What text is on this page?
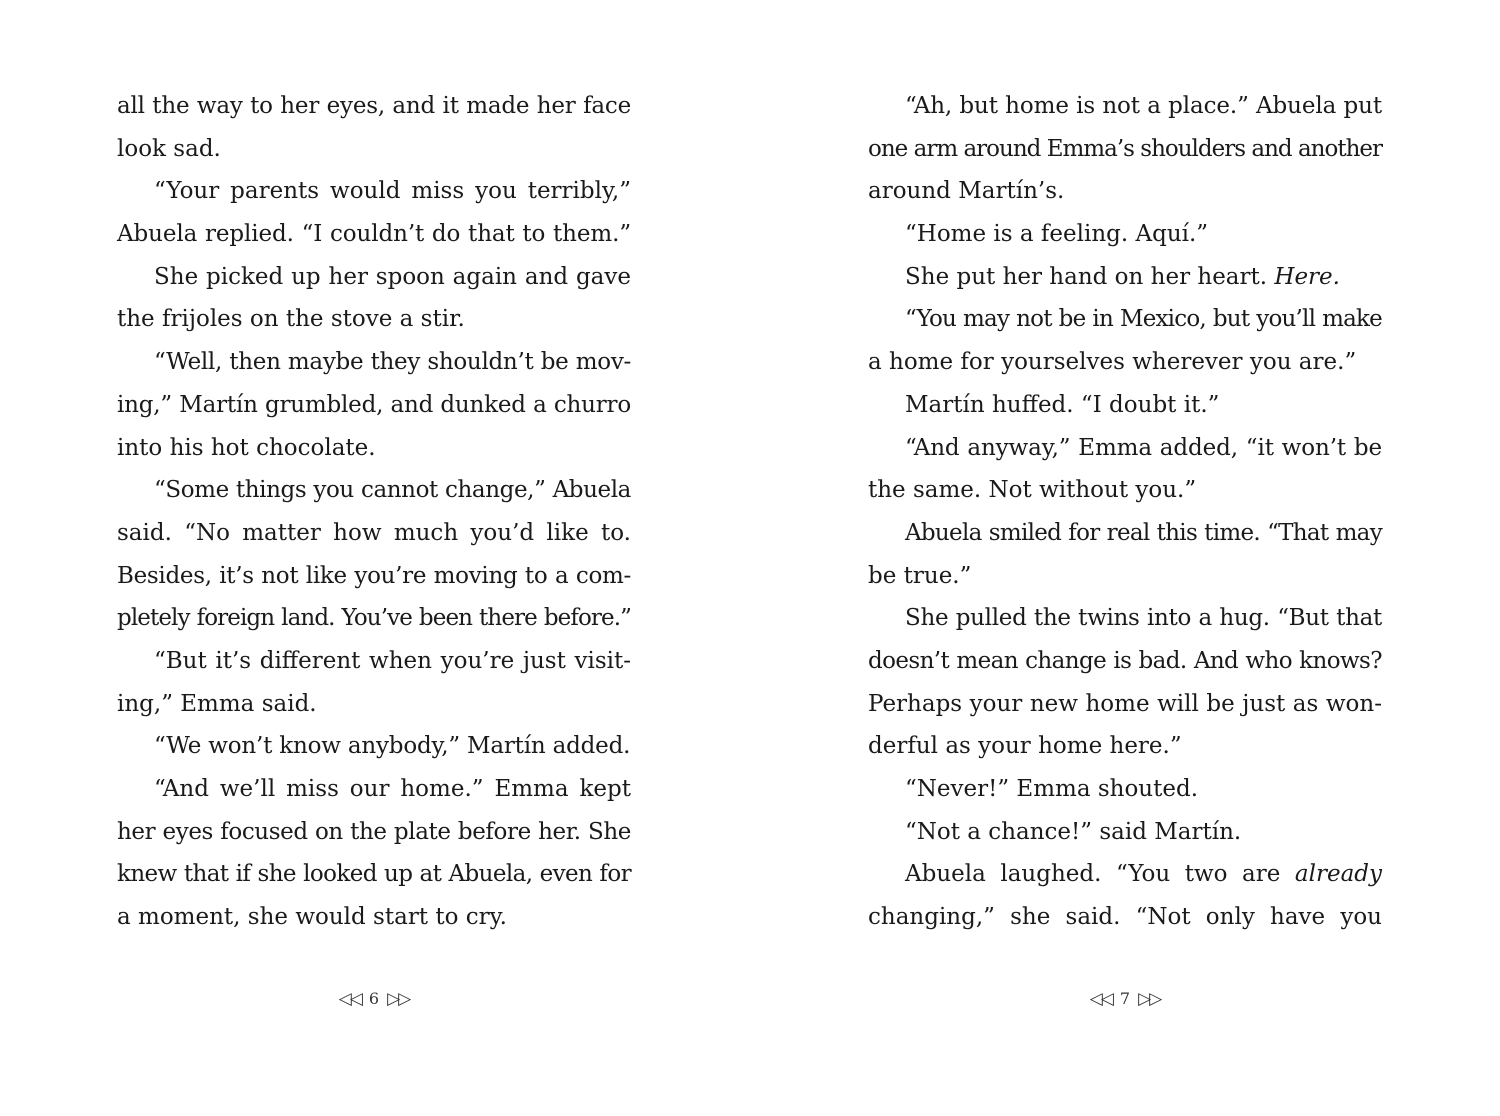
all the way to her eyes, and it made her face
look sad.
“Your parents would miss you terribly,”
Abuela replied. “I couldn’t do that to them.”
She picked up her spoon again and gave
the frijoles on the stove a stir.
“Well, then maybe they shouldn’t be mov-
ing,” Martín grumbled, and dunked a churro
into his hot chocolate.
“Some things you cannot change,” Abuela
said. “No matter how much you’d like to.
Besides, it’s not like you’re moving to a com-
pletely foreign land. You’ve been there before.”
“But it’s different when you’re just visit-
ing,” Emma said.
“We won’t know anybody,” Martín added.
“And we’ll miss our home.” Emma kept
her eyes focused on the plate before her. She
knew that if she looked up at Abuela, even for
a moment, she would start to cry.
◁◁ 6 ▷▷
“Ah, but home is not a place.” Abuela put
one arm around Emma’s shoulders and another
around Martín’s.
“Home is a feeling. Aquí.”
She put her hand on her heart. Here.
“You may not be in Mexico, but you’ll make
a home for yourselves wherever you are.”
Martín huffed. “I doubt it.”
“And anyway,” Emma added, “it won’t be
the same. Not without you.”
Abuela smiled for real this time. “That may
be true.”
She pulled the twins into a hug. “But that
doesn’t mean change is bad. And who knows?
Perhaps your new home will be just as won-
derful as your home here.”
“Never!” Emma shouted.
“Not a chance!” said Martín.
Abuela laughed. “You two are already
changing,” she said. “Not only have you
◁◁ 7 ▷▷
